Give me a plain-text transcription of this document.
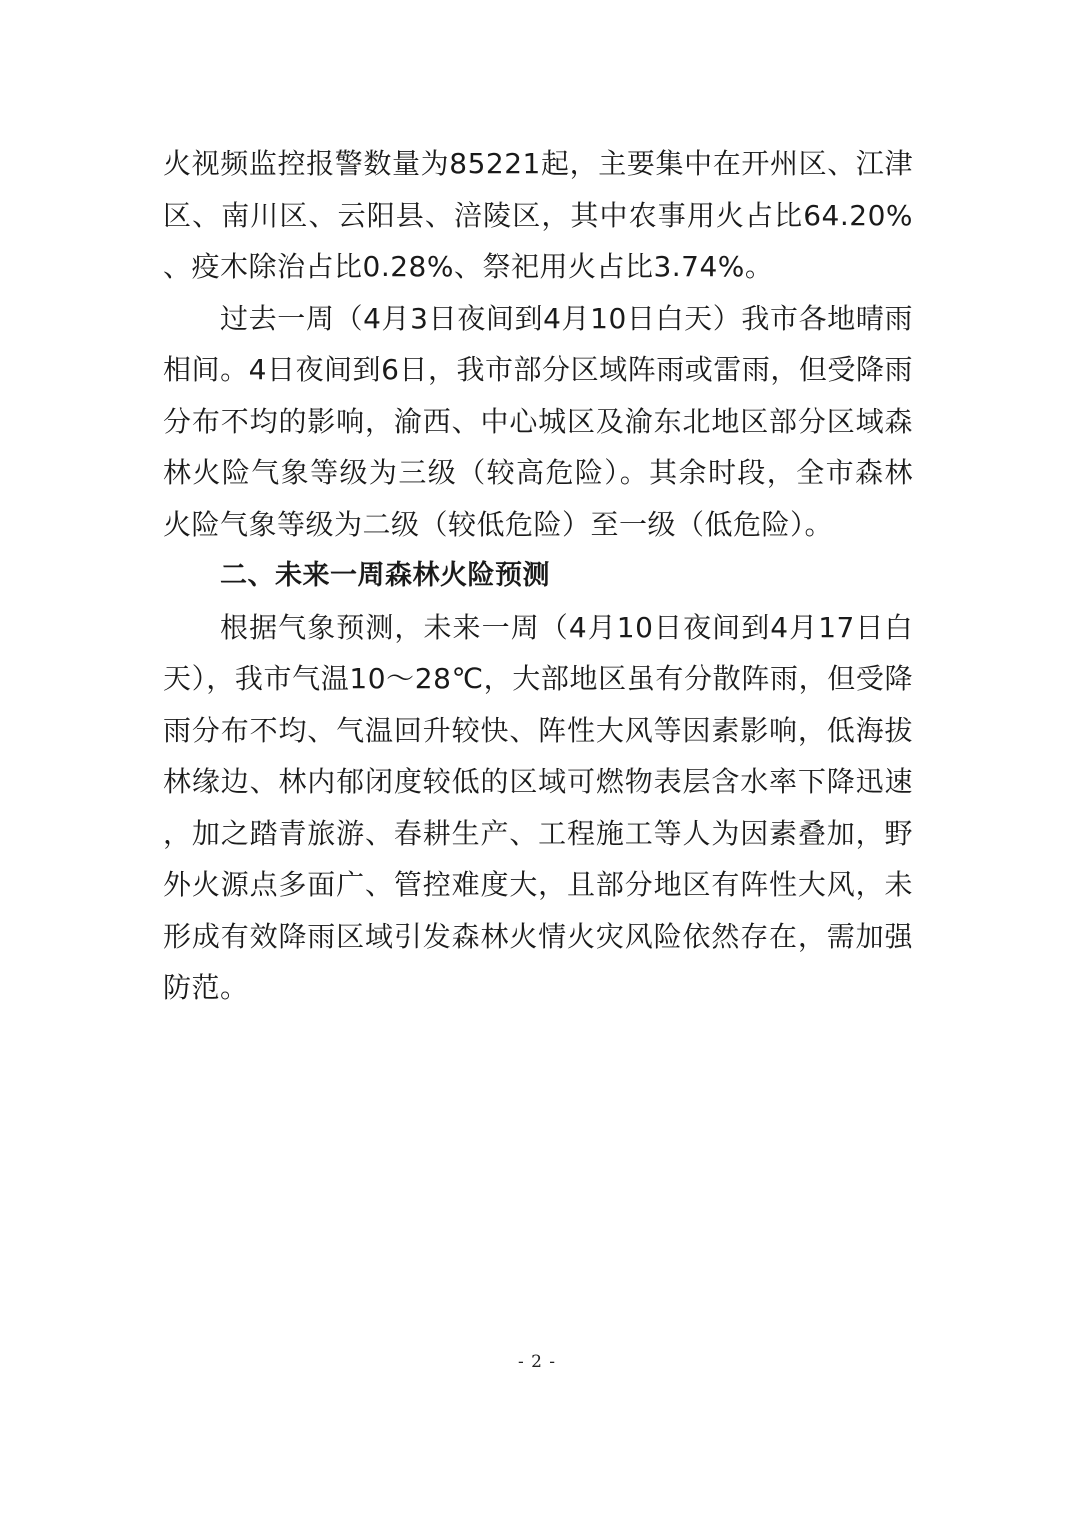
火视频监控报警数量为85221起，主要集中在开州区、江津区、南川区、云阳县、涪陵区，其中农事用火占比64.20%、疫木除治占比0.28%、祭祀用火占比3.74%。

过去一周（4月3日夜间到4月10日白天）我市各地晴雨相间。4日夜间到6日，我市部分区域阵雨或雷雨，但受降雨分布不均的影响，渝西、中心城区及渝东北地区部分区域森林火险气象等级为三级（较高危险）。其余时段，全市森林火险气象等级为二级（较低危险）至一级（低危险）。

二、未来一周森林火险预测

根据气象预测，未来一周（4月10日夜间到4月17日白天），我市气温10～28℃，大部地区虽有分散阵雨，但受降雨分布不均、气温回升较快、阵性大风等因素影响，低海拔林缘边、林内郁闭度较低的区域可燃物表层含水率下降迅速，加之踏青旅游、春耕生产、工程施工等人为因素叠加，野外火源点多面广、管控难度大，且部分地区有阵性大风，未形成有效降雨区域引发森林火情火灾风险依然存在，需加强防范。

- 2 -
